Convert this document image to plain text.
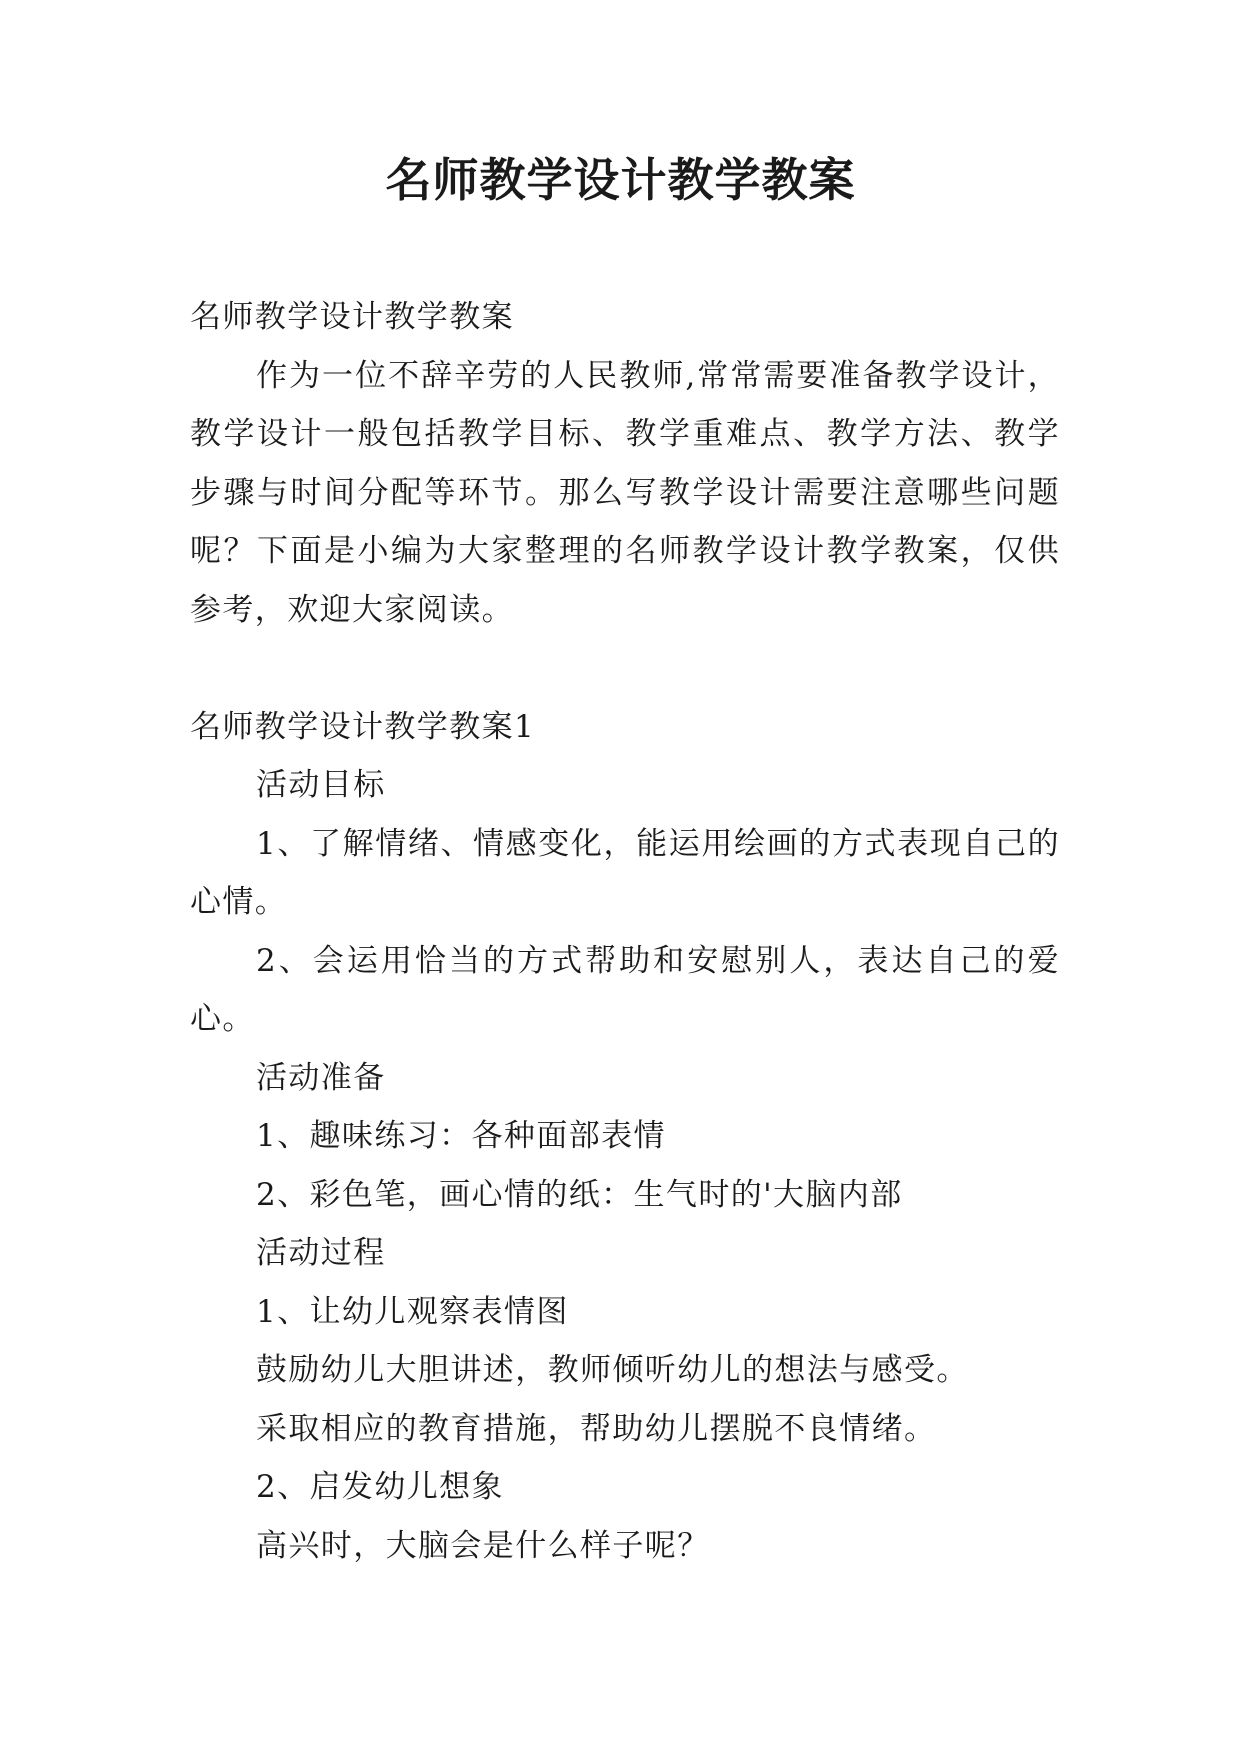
名师教学设计教学教案

名师教学设计教学教案

作为一位不辞辛劳的人民教师,常常需要准备教学设计，教学设计一般包括教学目标、教学重难点、教学方法、教学步骤与时间分配等环节。那么写教学设计需要注意哪些问题呢？下面是小编为大家整理的名师教学设计教学教案，仅供参考，欢迎大家阅读。

名师教学设计教学教案1

活动目标

1、了解情绪、情感变化，能运用绘画的方式表现自己的心情。

2、会运用恰当的方式帮助和安慰别人，表达自己的爱心。

活动准备

1、趣味练习：各种面部表情

2、彩色笔，画心情的纸：生气时的'大脑内部

活动过程

1、让幼儿观察表情图

鼓励幼儿大胆讲述，教师倾听幼儿的想法与感受。

采取相应的教育措施，帮助幼儿摆脱不良情绪。

2、启发幼儿想象

高兴时，大脑会是什么样子呢？
